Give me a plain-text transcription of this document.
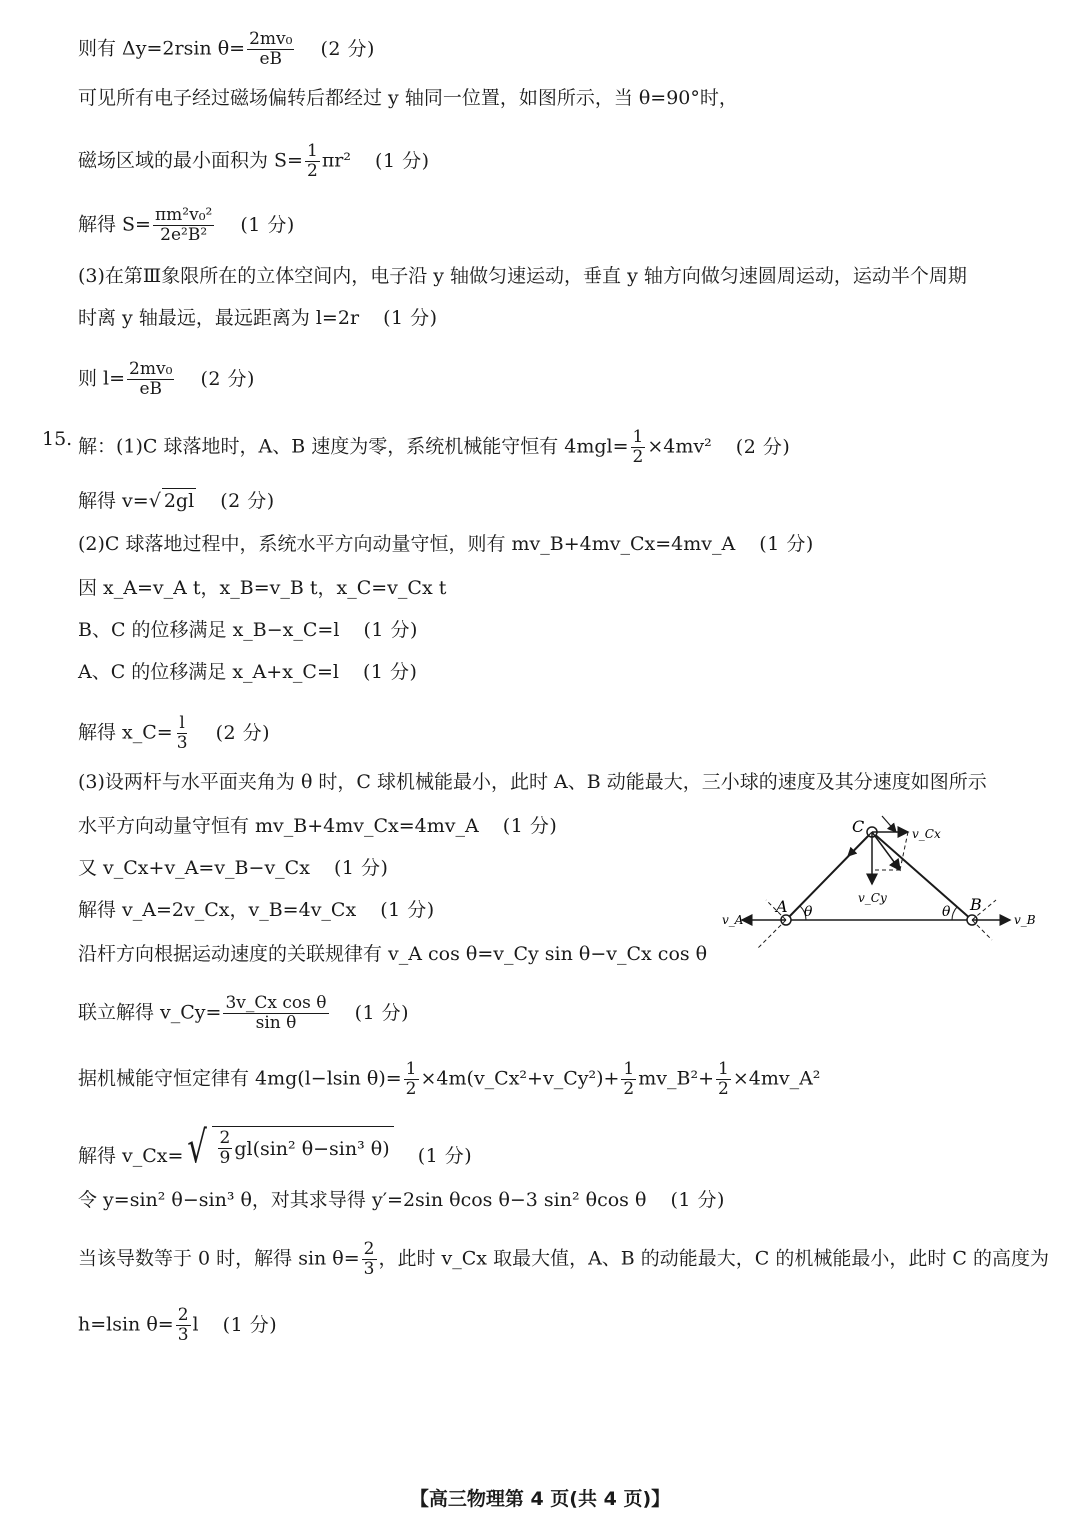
则有 Δy=2rsin $\theta= \frac{\text{2mv₀}}{eB} (2$ 分)
可见所有电子经过磁场偏转后都经过 y 轴同一位置，如图所示，当 θ=90°时，
磁场区域的最小面积为 $S= \frac{1}{2} \pi r^2$ (1 分)
解得 $S= \frac{\text{πm²v₀²}}{\text{2e²B²}} (1$ 分)
(3)在第Ⅲ象限所在的立体空间内，电子沿 y 轴做匀速运动，垂直 y 轴方向做匀速圆周运动，运动半个周期
时离 y 轴最远，最远距离为 l=2r (1 分)
则 $l= \frac{\text{2mv₀}}{eB} (2$ 分)
15. 解：(1)C 球落地时，A、B 速度为零，系统机械能守恒有 $4mgl= \frac{1}{2} \times 4mv^2$ (2 分)
解得 v=√ 2gl (2 分)
(2)C 球落地过程中，系统水平方向动量守恒，则有 mv_B+4mv_Cx=4mv_A (1 分)
因 x_A=v_A t，x_B=v_B t，x_C=v_Cx t
B、C 的位移满足 x_B−x_C=l (1 分)
A、C 的位移满足 x_A+x_C=l (1 分)
解得 x_C= $\frac{l}{3} (2$ 分)
(3)设两杆与水平面夹角为 θ 时，C 球机械能最小，此时 A、B 动能最大，三小球的速度及其分速度如图所示
水平方向动量守恒有 mv_B+4mv_Cx=4mv_A (1 分)
又 v_Cx+v_A=v_B−v_Cx (1 分)
解得 v_A=2v_Cx，v_B=4v_Cx (1 分)
沿杆方向根据运动速度的关联规律有 v_A cos θ=v_Cy sin θ−v_Cx cos θ
联立解得 v_Cy= $\frac{\text{3v\_Cx cos θ}}{\text{sin θ}} (1$ 分)
据机械能守恒定律有 4mg(l−lsin $\theta)= \frac{1}{2}$ ×4m(v_Cx²+v_Cy²)+ $\frac{1}{2}$ mv_B²+ $\frac{1}{2}$ ×4mv_A²
解得 v_Cx= √ $\frac{2}{9} gl(\sin^2$ θ−sin³ θ) (1 分)
令 y=sin² θ−sin³ θ，对其求导得 y′=2sin θcos θ−3 sin² θcos θ (1 分)
当该导数等于 0 时，解得 $\sin \theta= \frac{2}{3}$ ，此时 v_Cx 取最大值，A、B 的动能最大，C 的机械能最小，此时 C 的高度为
h=lsin $\theta= \frac{2}{3}$ l (1 分)
C
A	B
θ	θ
v_Cx
v_Cy
v_A	v_B
【高三物理第 4 页(共 4 页)】
